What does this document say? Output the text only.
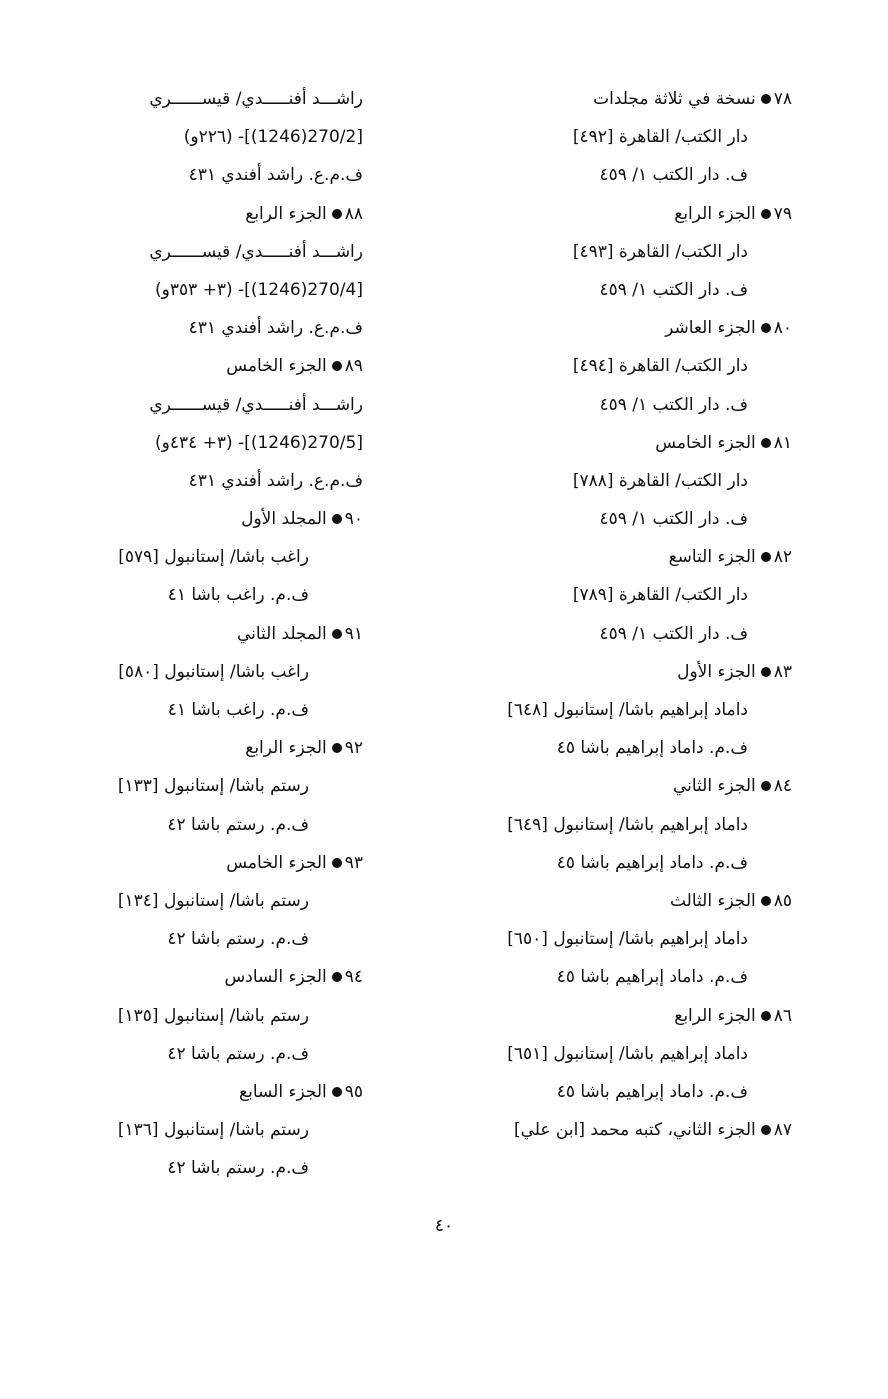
٧٨نسخة في ثلاثة مجلدات
دار الكتب/ القاهرة [٤٩٢]
ف. دار الكتب ١/ ٤٥٩
٧٩الجزء الرابع
دار الكتب/ القاهرة [٤٩٣]
ف. دار الكتب ١/ ٤٥٩
٨٠الجزء العاشر
دار الكتب/ القاهرة [٤٩٤]
ف. دار الكتب ١/ ٤٥٩
٨١الجزء الخامس
دار الكتب/ القاهرة [٧٨٨]
ف. دار الكتب ١/ ٤٥٩
٨٢الجزء التاسع
دار الكتب/ القاهرة [٧٨٩]
ف. دار الكتب ١/ ٤٥٩
٨٣الجزء الأول
داماد إبراهيم باشا/ إستانبول [٦٤٨]
ف.م. داماد إبراهيم باشا ٤٥
٨٤الجزء الثاني
داماد إبراهيم باشا/ إستانبول [٦٤٩]
ف.م. داماد إبراهيم باشا ٤٥
٨٥الجزء الثالث
داماد إبراهيم باشا/ إستانبول [٦٥٠]
ف.م. داماد إبراهيم باشا ٤٥
٨٦الجزء الرابع
داماد إبراهيم باشا/ إستانبول [٦٥١]
ف.م. داماد إبراهيم باشا ٤٥
٨٧الجزء الثاني، كتبه محمد [ابن علي]
راشـــد أفنـــــدي/ قيســــــري
[270/2(1246)]- (٢٢٦و)
ف.م.ع. راشد أفندي ٤٣١
٨٨الجزء الرابع
راشـــد أفنـــــدي/ قيســــــري
[270/4(1246)]- (٣+ ٣٥٣و)
ف.م.ع. راشد أفندي ٤٣١
٨٩الجزء الخامس
راشـــد أفنـــــدي/ قيســــــري
[270/5(1246)]- (٣+ ٤٣٤و)
ف.م.ع. راشد أفندي ٤٣١
٩٠المجلد الأول
راغب باشا/ إستانبول [٥٧٩]
ف.م. راغب باشا ٤١
٩١المجلد الثاني
راغب باشا/ إستانبول [٥٨٠]
ف.م. راغب باشا ٤١
٩٢الجزء الرابع
رستم باشا/ إستانبول [١٣٣]
ف.م. رستم باشا ٤٢
٩٣الجزء الخامس
رستم باشا/ إستانبول [١٣٤]
ف.م. رستم باشا ٤٢
٩٤الجزء السادس
رستم باشا/ إستانبول [١٣٥]
ف.م. رستم باشا ٤٢
٩٥الجزء السابع
رستم باشا/ إستانبول [١٣٦]
ف.م. رستم باشا ٤٢
٤٠
